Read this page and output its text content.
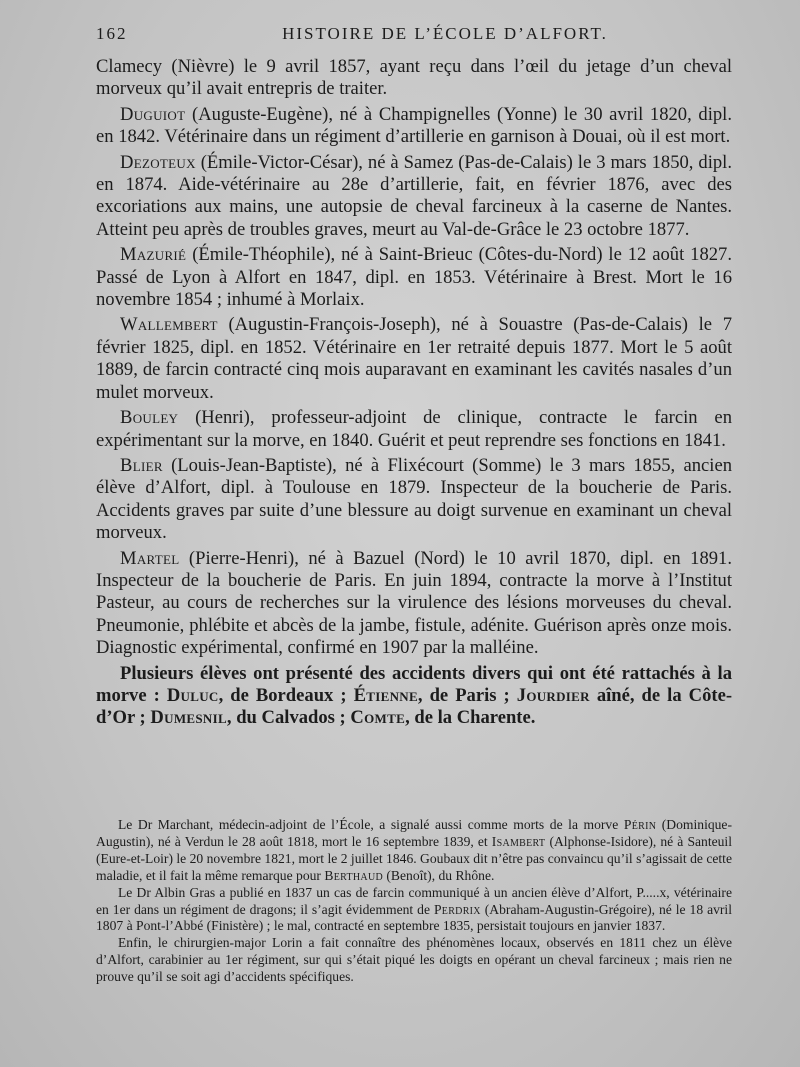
162	HISTOIRE DE L’ÉCOLE D’ALFORT.

Clamecy (Nièvre) le 9 avril 1857, ayant reçu dans l’œil du jetage d’un cheval morveux qu’il avait entrepris de traiter.

Duguiot (Auguste-Eugène), né à Champignelles (Yonne) le 30 avril 1820, dipl. en 1842. Vétérinaire dans un régiment d’artillerie en garnison à Douai, où il est mort.

Dezoteux (Émile-Victor-César), né à Samez (Pas-de-Calais) le 3 mars 1850, dipl. en 1874. Aide-vétérinaire au 28e d’artillerie, fait, en février 1876, avec des excoriations aux mains, une autopsie de cheval farcineux à la caserne de Nantes. Atteint peu après de troubles graves, meurt au Val-de-Grâce le 23 octobre 1877.

Mazurié (Émile-Théophile), né à Saint-Brieuc (Côtes-du-Nord) le 12 août 1827. Passé de Lyon à Alfort en 1847, dipl. en 1853. Vétérinaire à Brest. Mort le 16 novembre 1854 ; inhumé à Morlaix.

Wallembert (Augustin-François-Joseph), né à Souastre (Pas-de-Calais) le 7 février 1825, dipl. en 1852. Vétérinaire en 1er retraité depuis 1877. Mort le 5 août 1889, de farcin contracté cinq mois auparavant en examinant les cavités nasales d’un mulet morveux.

Bouley (Henri), professeur-adjoint de clinique, contracte le farcin en expérimentant sur la morve, en 1840. Guérit et peut reprendre ses fonctions en 1841.

Blier (Louis-Jean-Baptiste), né à Flixécourt (Somme) le 3 mars 1855, ancien élève d’Alfort, dipl. à Toulouse en 1879. Inspecteur de la boucherie de Paris. Accidents graves par suite d’une blessure au doigt survenue en examinant un cheval morveux.

Martel (Pierre-Henri), né à Bazuel (Nord) le 10 avril 1870, dipl. en 1891. Inspecteur de la boucherie de Paris. En juin 1894, contracte la morve à l’Institut Pasteur, au cours de recherches sur la virulence des lésions morveuses du cheval. Pneumonie, phlébite et abcès de la jambe, fistule, adénite. Guérison après onze mois. Diagnostic expérimental, confirmé en 1907 par la malléine.

Plusieurs élèves ont présenté des accidents divers qui ont été rattachés à la morve : Duluc, de Bordeaux ; Étienne, de Paris ; Jourdier aîné, de la Côte-d’Or ; Dumesnil, du Calvados ; Comte, de la Charente.

Le Dr Marchant, médecin-adjoint de l’École, a signalé aussi comme morts de la morve Périn (Dominique-Augustin), né à Verdun le 28 août 1818, mort le 16 septembre 1839, et Isambert (Alphonse-Isidore), né à Santeuil (Eure-et-Loir) le 20 novembre 1821, mort le 2 juillet 1846. Goubaux dit n’être pas convaincu qu’il s’agissait de cette maladie, et il fait la même remarque pour Berthaud (Benoît), du Rhône.

Le Dr Albin Gras a publié en 1837 un cas de farcin communiqué à un ancien élève d’Alfort, P.....x, vétérinaire en 1er dans un régiment de dragons; il s’agit évidemment de Perdrix (Abraham-Augustin-Grégoire), né le 18 avril 1807 à Pont-l’Abbé (Finistère) ; le mal, contracté en septembre 1835, persistait toujours en janvier 1837.

Enfin, le chirurgien-major Lorin a fait connaître des phénomènes locaux, observés en 1811 chez un élève d’Alfort, carabinier au 1er régiment, sur qui s’était piqué les doigts en opérant un cheval farcineux ; mais rien ne prouve qu’il se soit agi d’accidents spécifiques.
